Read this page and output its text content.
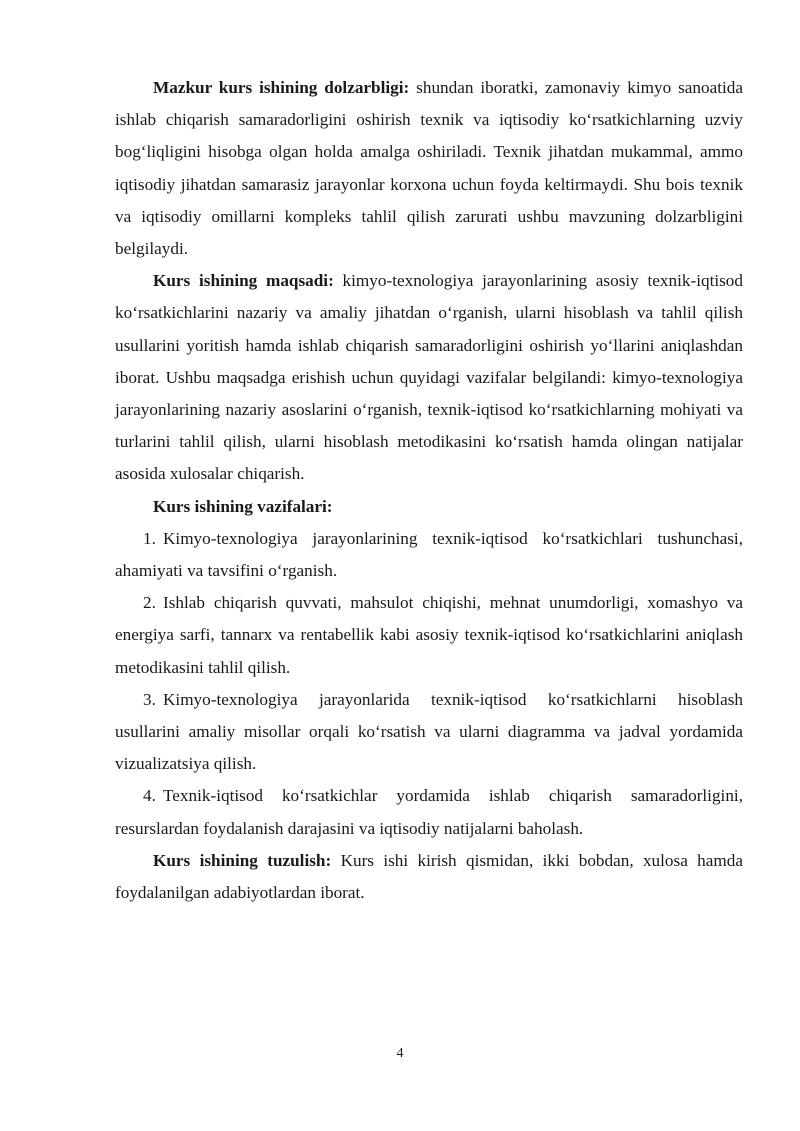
Mazkur kurs ishining dolzarbligi: shundan iboratki, zamonaviy kimyo sanoatida ishlab chiqarish samaradorligini oshirish texnik va iqtisodiy ko‘rsatkichlarning uzviy bog‘liqligini hisobga olgan holda amalga oshiriladi. Texnik jihatdan mukammal, ammo iqtisodiy jihatdan samarasiz jarayonlar korxona uchun foyda keltirmaydi. Shu bois texnik va iqtisodiy omillarni kompleks tahlil qilish zarurati ushbu mavzuning dolzarbligini belgilaydi.

Kurs ishining maqsadi: kimyo-texnologiya jarayonlarining asosiy texnik-iqtisod ko‘rsatkichlarini nazariy va amaliy jihatdan o‘rganish, ularni hisoblash va tahlil qilish usullarini yoritish hamda ishlab chiqarish samaradorligini oshirish yo‘llarini aniqlashdan iborat. Ushbu maqsadga erishish uchun quyidagi vazifalar belgilandi: kimyo-texnologiya jarayonlarining nazariy asoslarini o‘rganish, texnik-iqtisod ko‘rsatkichlarning mohiyati va turlarini tahlil qilish, ularni hisoblash metodikasini ko‘rsatish hamda olingan natijalar asosida xulosalar chiqarish.

Kurs ishining vazifalari:

1. Kimyo-texnologiya jarayonlarining texnik-iqtisod ko‘rsatkichlari tushunchasi, ahamiyati va tavsifini o‘rganish.

2. Ishlab chiqarish quvvati, mahsulot chiqishi, mehnat unumdorligi, xomashyo va energiya sarfi, tannarx va rentabellik kabi asosiy texnik-iqtisod ko‘rsatkichlarini aniqlash metodikasini tahlil qilish.

3. Kimyo-texnologiya jarayonlarida texnik-iqtisod ko‘rsatkichlarni hisoblash usullarini amaliy misollar orqali ko‘rsatish va ularni diagramma va jadval yordamida vizualizatsiya qilish.

4. Texnik-iqtisod ko‘rsatkichlar yordamida ishlab chiqarish samaradorligini, resurslardan foydalanish darajasini va iqtisodiy natijalarni baholash.

Kurs ishining tuzulish: Kurs ishi kirish qismidan, ikki bobdan, xulosa hamda foydalanilgan adabiyotlardan iborat.

4
